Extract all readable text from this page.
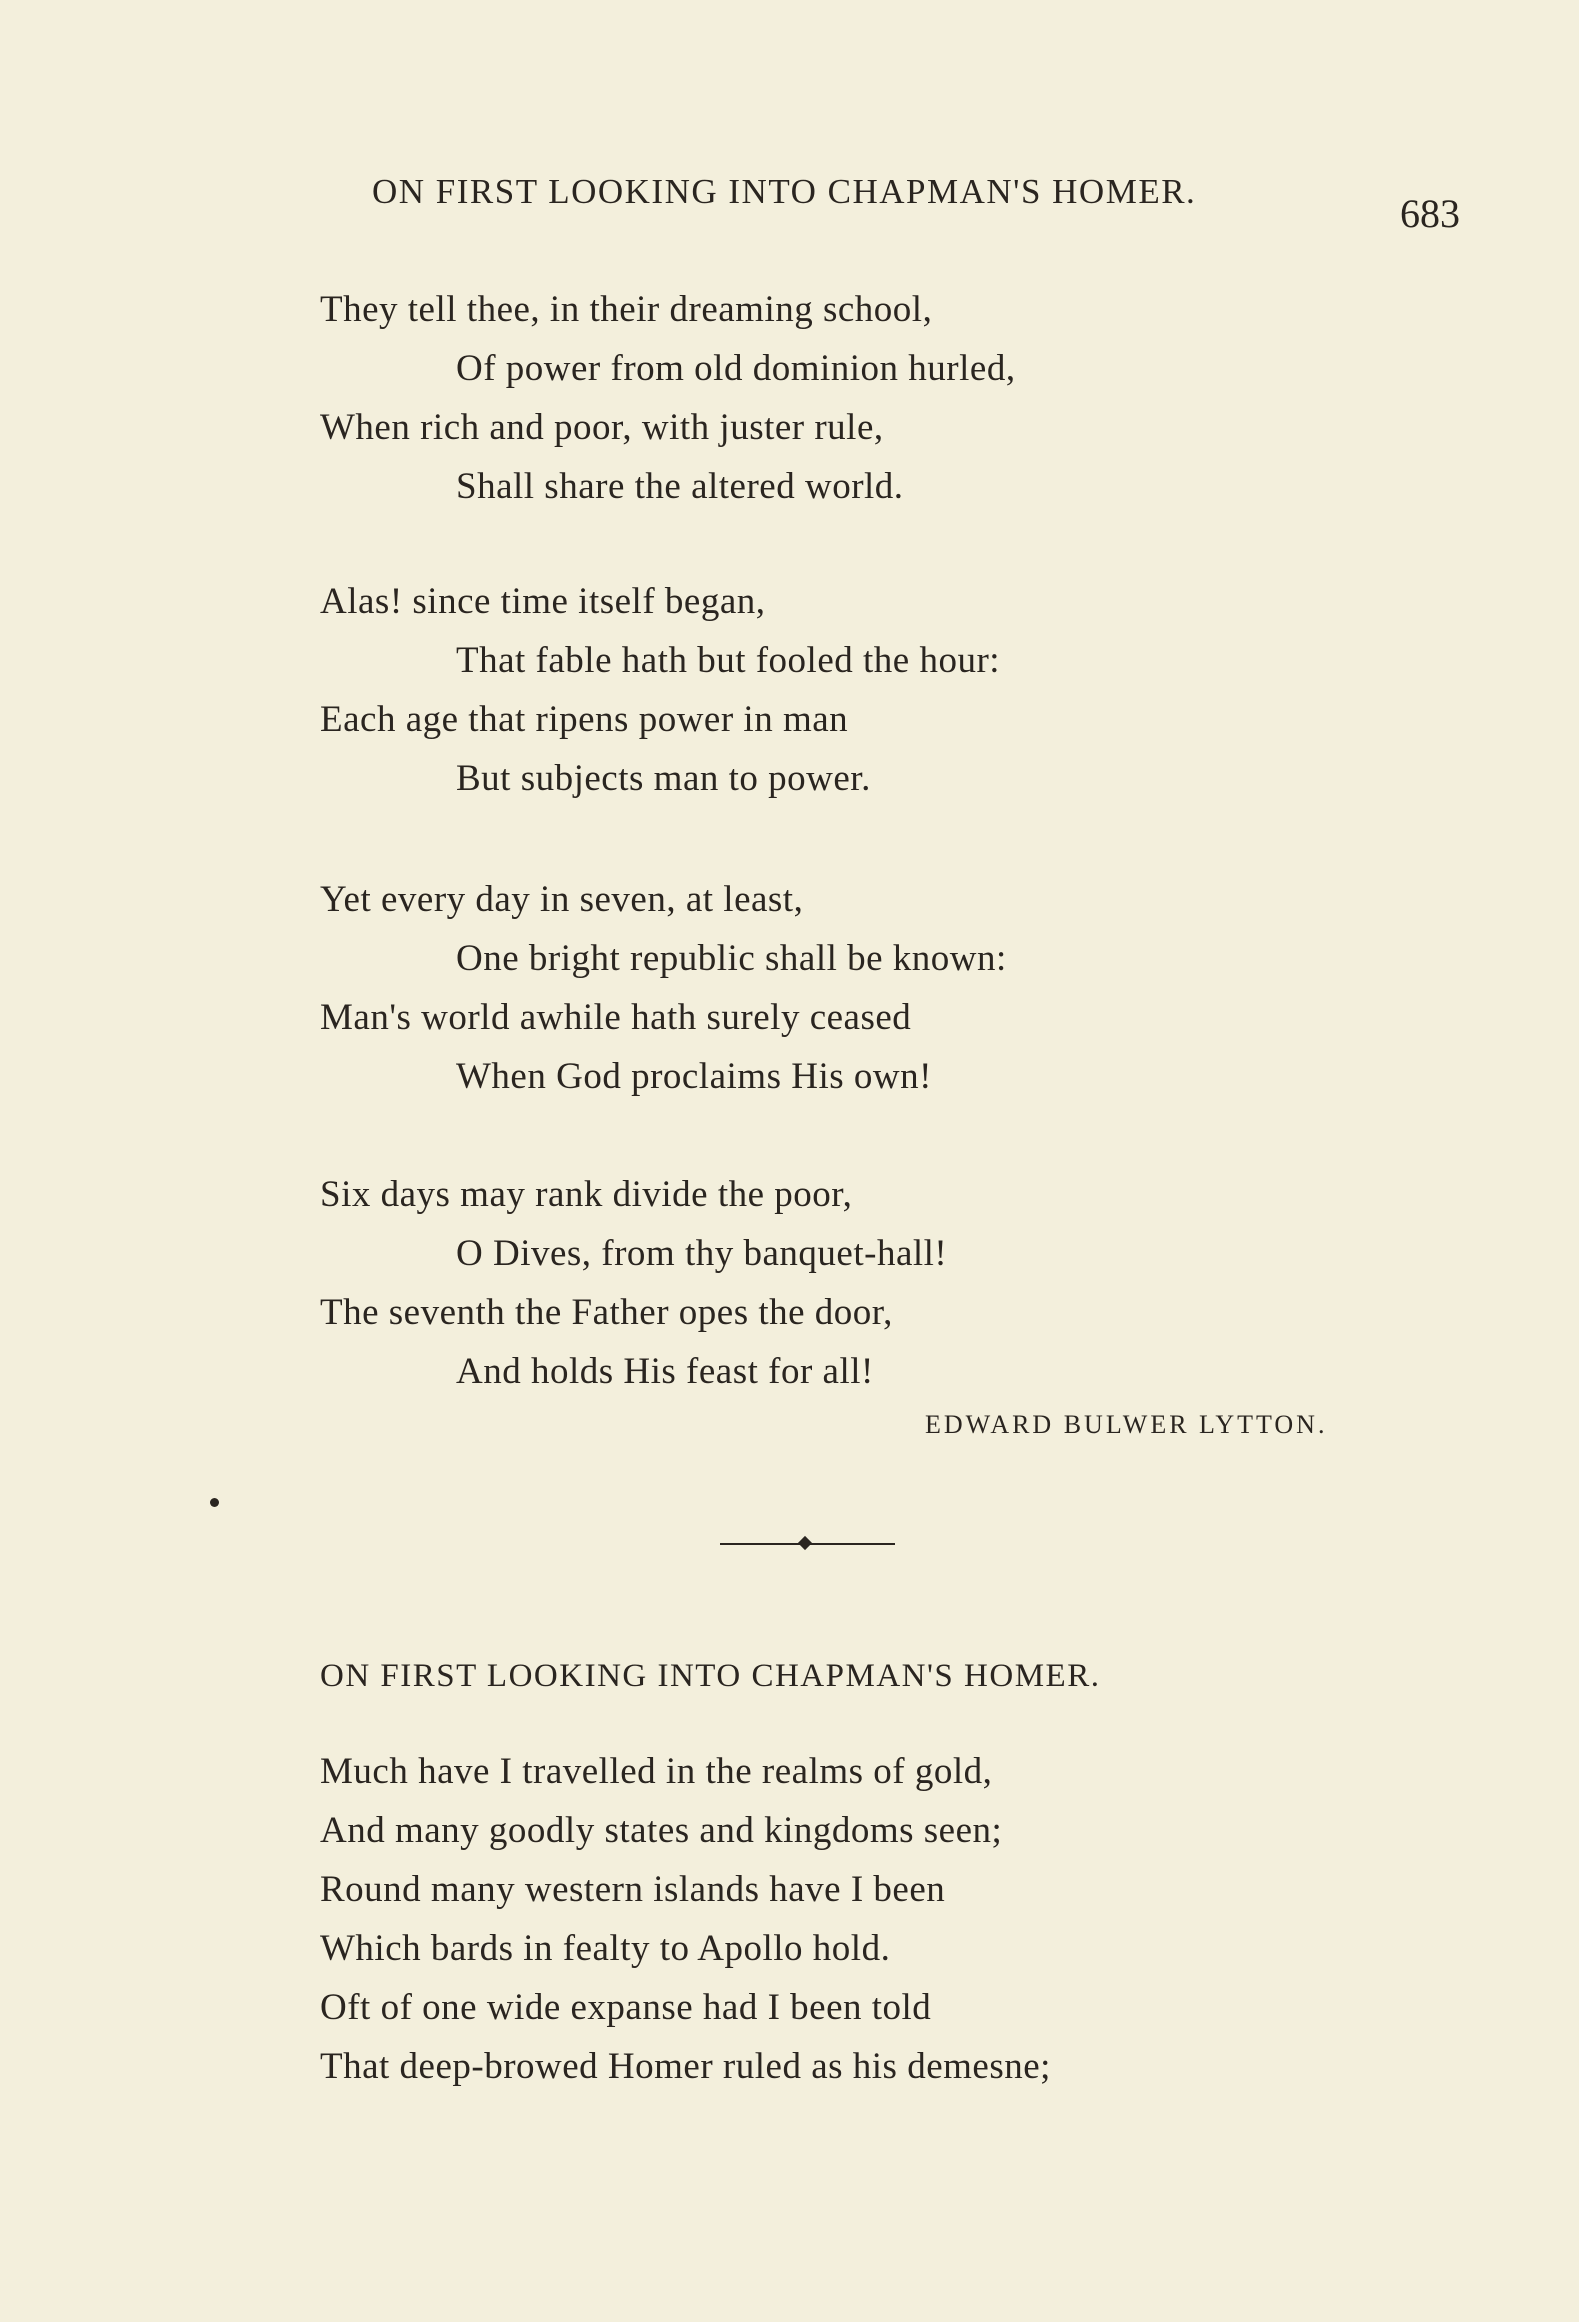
ON FIRST LOOKING INTO CHAPMAN'S HOMER.	683
They tell thee, in their dreaming school,
Of power from old dominion hurled,
When rich and poor, with juster rule,
Shall share the altered world.
Alas! since time itself began,
That fable hath but fooled the hour:
Each age that ripens power in man
But subjects man to power.
Yet every day in seven, at least,
One bright republic shall be known:
Man's world awhile hath surely ceased
When God proclaims His own!
Six days may rank divide the poor,
O Dives, from thy banquet-hall!
The seventh the Father opes the door,
And holds His feast for all!
EDWARD BULWER LYTTON.
ON FIRST LOOKING INTO CHAPMAN'S HOMER.
Much have I travelled in the realms of gold,
And many goodly states and kingdoms seen;
Round many western islands have I been
Which bards in fealty to Apollo hold.
Oft of one wide expanse had I been told
That deep-browed Homer ruled as his demesne;
